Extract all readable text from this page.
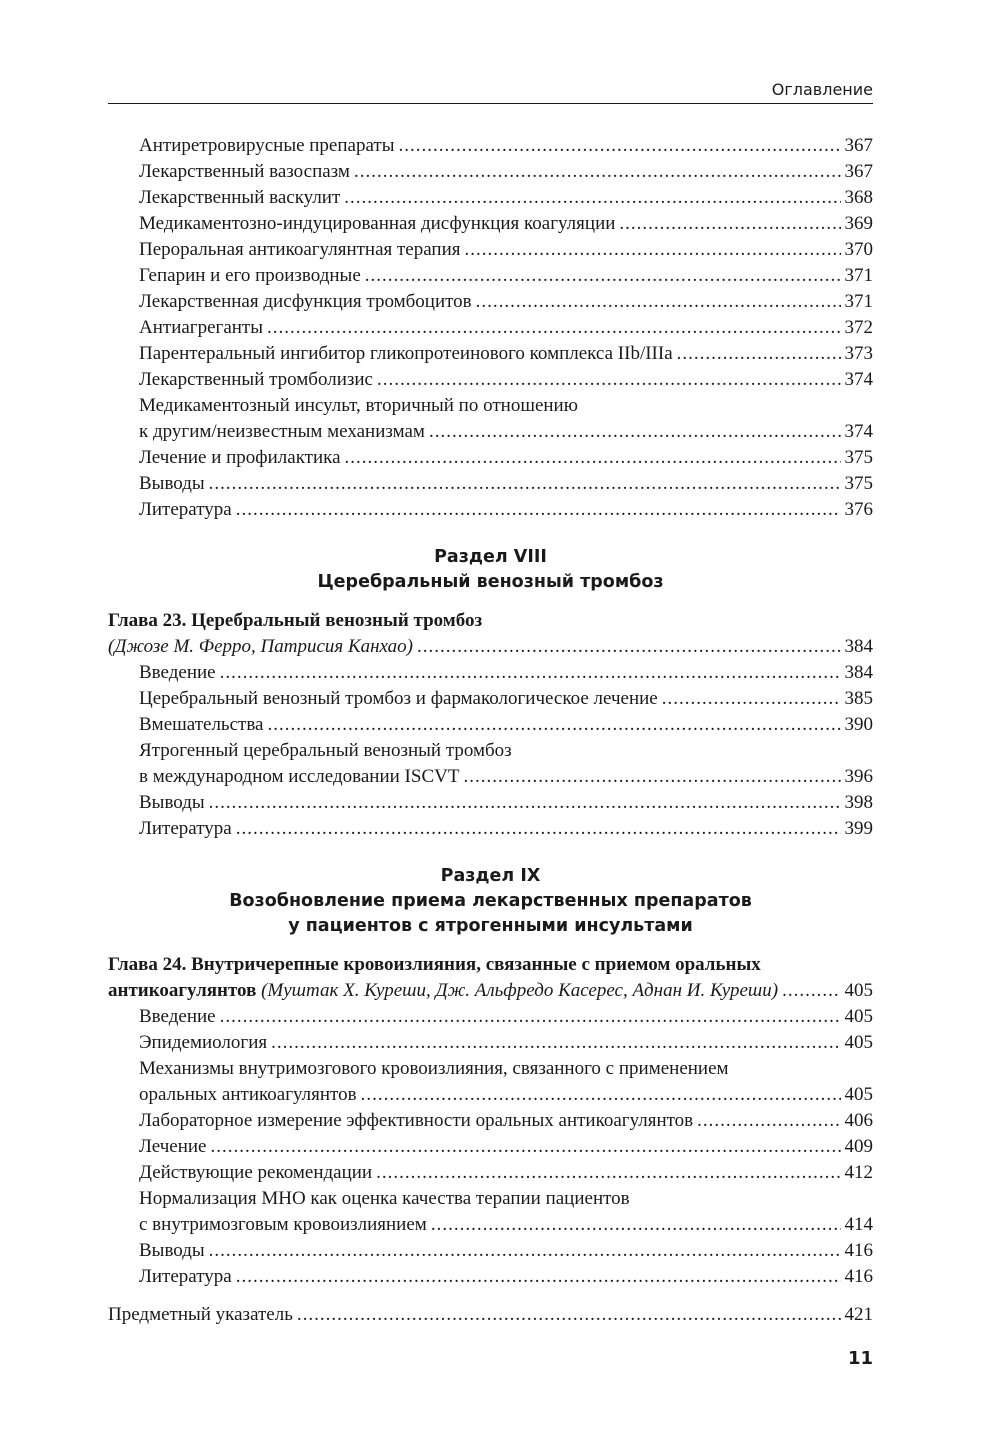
Оглавление
Антиретровирусные препараты .....	367
Лекарственный вазоспазм .....	367
Лекарственный васкулит .....	368
Медикаментозно-индуцированная дисфункция коагуляции .....	369
Пероральная антикоагулянтная терапия .....	370
Гепарин и его производные .....	371
Лекарственная дисфункция тромбоцитов .....	371
Антиагреганты .....	372
Парентеральный ингибитор гликопротеинового комплекса IIb/IIIa .....	373
Лекарственный тромболизис .....	374
Медикаментозный инсульт, вторичный по отношению
к другим/неизвестным механизмам .....	374
Лечение и профилактика .....	375
Выводы .....	375
Литература .....	376
Раздел VIII
Церебральный венозный тромбоз
Глава 23. Церебральный венозный тромбоз
(Джозе М. Феppo, Патрисия Канхао) .....	384
Введение .....	384
Церебральный венозный тромбоз и фармакологическое лечение .....	385
Вмешательства .....	390
Ятрогенный церебральный венозный тромбоз
в международном исследовании ISCVT .....	396
Выводы .....	398
Литература .....	399
Раздел IX
Возобновление приема лекарственных препаратов
у пациентов с ятрогенными инсультами
Глава 24. Внутричерепные кровоизлияния, связанные с приемом оральных
антикоагулянтов (Муштак Х. Куреши, Дж. Альфредо Касеpес, Аднан И. Куреши) .....	405
Введение .....	405
Эпидемиология .....	405
Механизмы внутримозгового кровоизлияния, связанного с применением
оральных антикоагулянтов .....	405
Лабораторное измерение эффективности оральных антикоагулянтов .....	406
Лечение .....	409
Действующие рекомендации .....	412
Нормализация МНО как оценка качества терапии пациентов
с внутримозговым кровоизлиянием .....	414
Выводы .....	416
Литература .....	416
Предметный указатель .....	421
11
